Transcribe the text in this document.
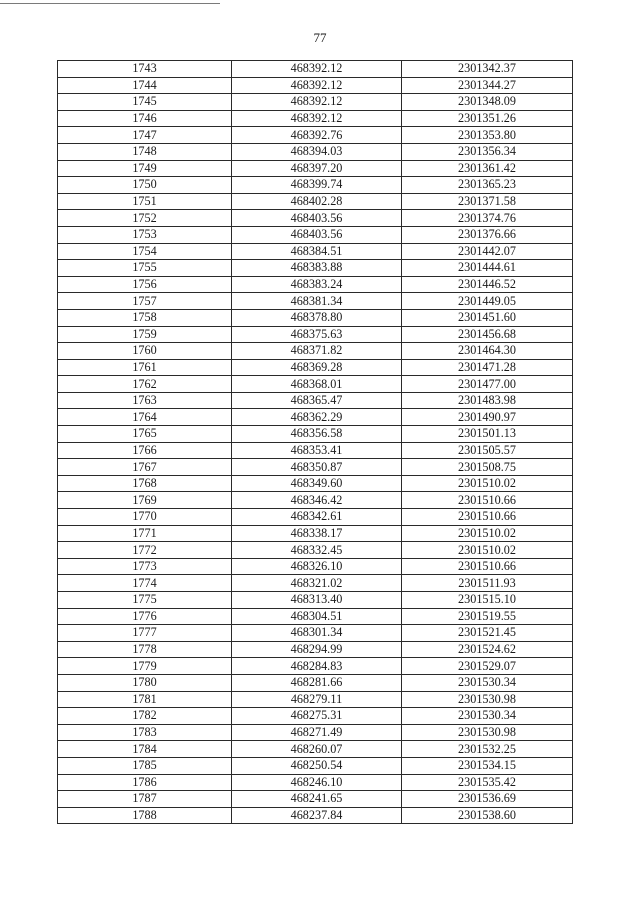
77
1743	468392.12	2301342.37
1744	468392.12	2301344.27
1745	468392.12	2301348.09
1746	468392.12	2301351.26
1747	468392.76	2301353.80
1748	468394.03	2301356.34
1749	468397.20	2301361.42
1750	468399.74	2301365.23
1751	468402.28	2301371.58
1752	468403.56	2301374.76
1753	468403.56	2301376.66
1754	468384.51	2301442.07
1755	468383.88	2301444.61
1756	468383.24	2301446.52
1757	468381.34	2301449.05
1758	468378.80	2301451.60
1759	468375.63	2301456.68
1760	468371.82	2301464.30
1761	468369.28	2301471.28
1762	468368.01	2301477.00
1763	468365.47	2301483.98
1764	468362.29	2301490.97
1765	468356.58	2301501.13
1766	468353.41	2301505.57
1767	468350.87	2301508.75
1768	468349.60	2301510.02
1769	468346.42	2301510.66
1770	468342.61	2301510.66
1771	468338.17	2301510.02
1772	468332.45	2301510.02
1773	468326.10	2301510.66
1774	468321.02	2301511.93
1775	468313.40	2301515.10
1776	468304.51	2301519.55
1777	468301.34	2301521.45
1778	468294.99	2301524.62
1779	468284.83	2301529.07
1780	468281.66	2301530.34
1781	468279.11	2301530.98
1782	468275.31	2301530.34
1783	468271.49	2301530.98
1784	468260.07	2301532.25
1785	468250.54	2301534.15
1786	468246.10	2301535.42
1787	468241.65	2301536.69
1788	468237.84	2301538.60
